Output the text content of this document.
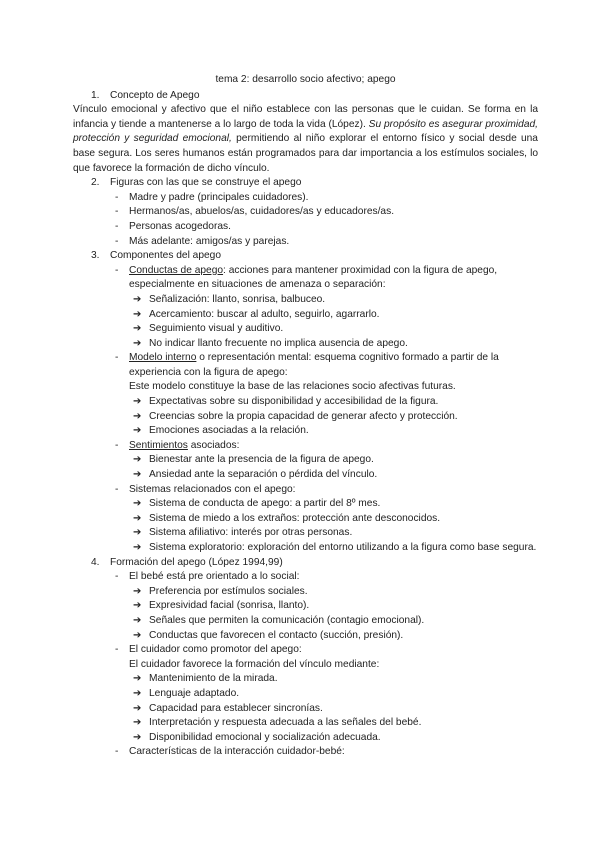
tema 2: desarrollo socio afectivo; apego
1.	Concepto de Apego
Vínculo emocional y afectivo que el niño establece con las personas que le cuidan. Se forma en la infancia y tiende a mantenerse a lo largo de toda la vida (López). Su propósito es asegurar proximidad, protección y seguridad emocional, permitiendo al niño explorar el entorno físico y social desde una base segura. Los seres humanos están programados para dar importancia a los estímulos sociales, lo que favorece la formación de dicho vínculo.
2.	Figuras con las que se construye el apego
- Madre y padre (principales cuidadores).
- Hermanos/as, abuelos/as, cuidadores/as y educadores/as.
- Personas acogedoras.
- Más adelante: amigos/as y parejas.
3.	Componentes del apego
- Conductas de apego: acciones para mantener proximidad con la figura de apego, especialmente en situaciones de amenaza o separación:
➔ Señalización: llanto, sonrisa, balbuceo.
➔ Acercamiento: buscar al adulto, seguirlo, agarrarlo.
➔ Seguimiento visual y auditivo.
➔ No indicar llanto frecuente no implica ausencia de apego.
- Modelo interno o representación mental: esquema cognitivo formado a partir de la experiencia con la figura de apego:
Este modelo constituye la base de las relaciones socio afectivas futuras.
➔ Expectativas sobre su disponibilidad y accesibilidad de la figura.
➔ Creencias sobre la propia capacidad de generar afecto y protección.
➔ Emociones asociadas a la relación.
- Sentimientos asociados:
➔ Bienestar ante la presencia de la figura de apego.
➔ Ansiedad ante la separación o pérdida del vínculo.
- Sistemas relacionados con el apego:
➔ Sistema de conducta de apego: a partir del 8º mes.
➔ Sistema de miedo a los extraños: protección ante desconocidos.
➔ Sistema afiliativo: interés por otras personas.
➔ Sistema exploratorio: exploración del entorno utilizando a la figura como base segura.
4.	Formación del apego (López 1994,99)
- El bebé está pre orientado a lo social:
➔ Preferencia por estímulos sociales.
➔ Expresividad facial (sonrisa, llanto).
➔ Señales que permiten la comunicación (contagio emocional).
➔ Conductas que favorecen el contacto (succión, presión).
- El cuidador como promotor del apego:
El cuidador favorece la formación del vínculo mediante:
➔ Mantenimiento de la mirada.
➔ Lenguaje adaptado.
➔ Capacidad para establecer sincronías.
➔ Interpretación y respuesta adecuada a las señales del bebé.
➔ Disponibilidad emocional y socialización adecuada.
- Características de la interacción cuidador-bebé:
